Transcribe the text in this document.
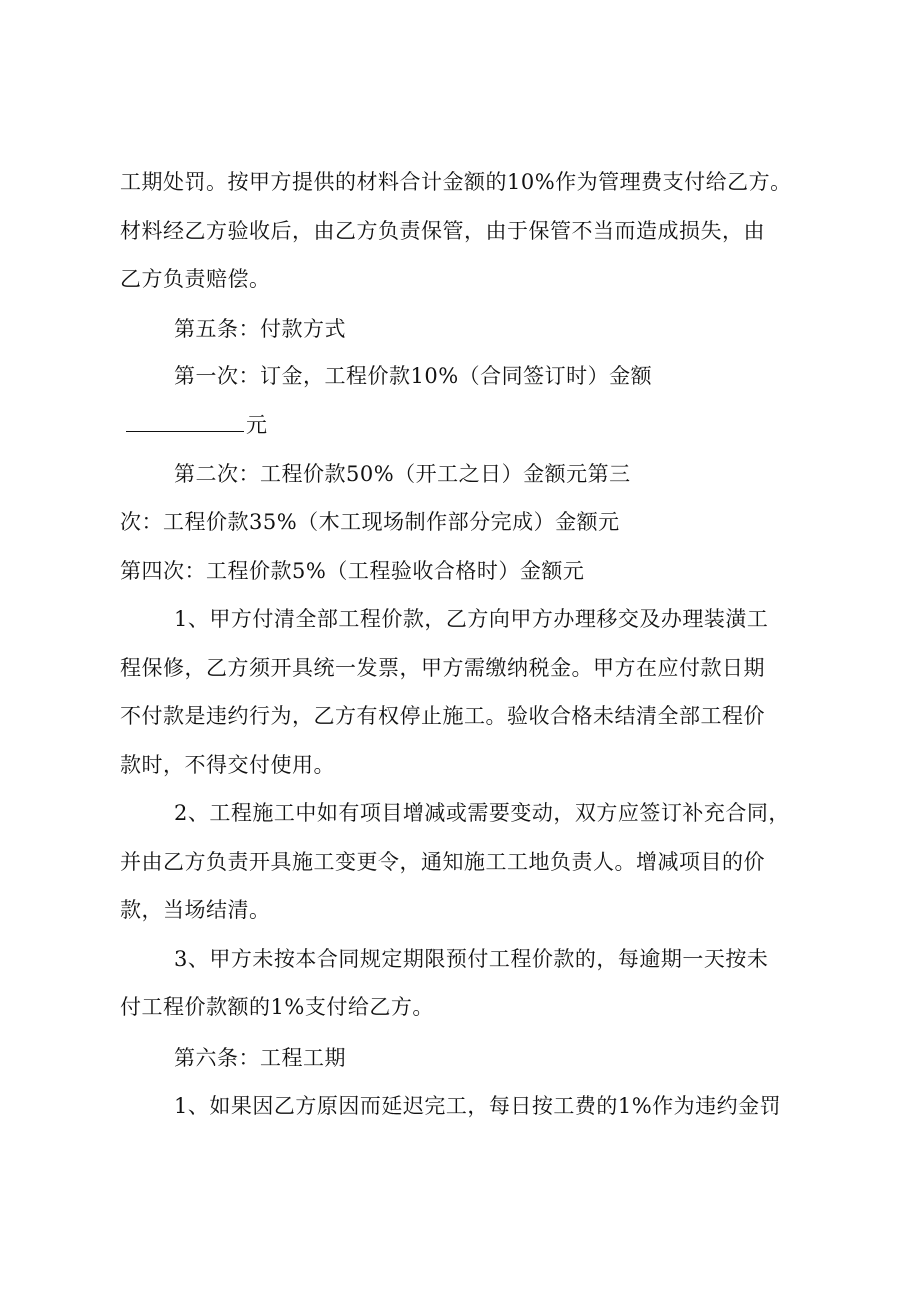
工期处罚。按甲方提供的材料合计金额的10%作为管理费支付给乙方。
材料经乙方验收后，由乙方负责保管，由于保管不当而造成损失，由
乙方负责赔偿。
第五条：付款方式
第一次：订金，工程价款10%（合同签订时）金额
元
第二次：工程价款50%（开工之日）金额元第三
次：工程价款35%（木工现场制作部分完成）金额元
第四次：工程价款5%（工程验收合格时）金额元
1、甲方付清全部工程价款，乙方向甲方办理移交及办理装潢工
程保修，乙方须开具统一发票，甲方需缴纳税金。甲方在应付款日期
不付款是违约行为，乙方有权停止施工。验收合格未结清全部工程价
款时，不得交付使用。
2、工程施工中如有项目增减或需要变动，双方应签订补充合同，
并由乙方负责开具施工变更令，通知施工工地负责人。增减项目的价
款，当场结清。
3、甲方未按本合同规定期限预付工程价款的，每逾期一天按未
付工程价款额的1%支付给乙方。
第六条：工程工期
1、如果因乙方原因而延迟完工，每日按工费的1%作为违约金罚
